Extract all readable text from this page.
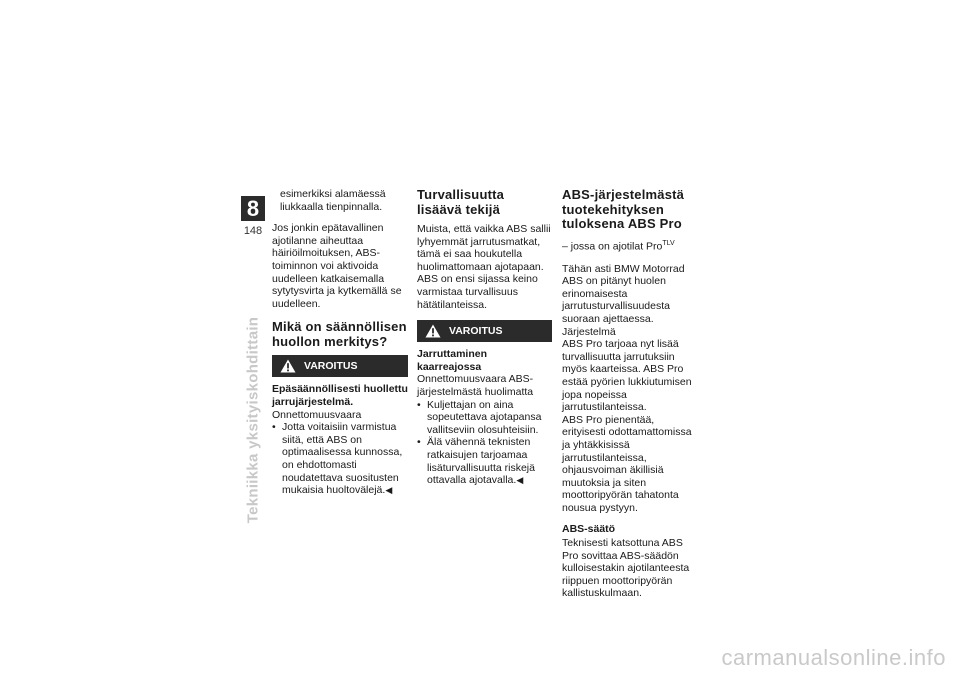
8
148
Tekniikka yksityiskohdittain

esimerkiksi alamäessä liukkaalla tienpinnalla.

Jos jonkin epätavallinen ajotilanne aiheuttaa häiriöilmoituksen, ABS-toiminnon voi aktivoida uudelleen katkaisemalla sytytysvirta ja kytkemällä se uudelleen.

Mikä on säännöllisen huollon merkitys?
VAROITUS
Epäsäännöllisesti huollettu jarrujärjestelmä.
Onnettomuusvaara
• Jotta voitaisiin varmistua siitä, että ABS on optimaalisessa kunnossa, on ehdottomasti noudatettava suositusten mukaisia huoltovälejä.◀
Turvallisuutta lisäävä tekijä

Muista, että vaikka ABS sallii lyhyemmät jarrutusmatkat, tämä ei saa houkutella huolimattomaan ajotapaan. ABS on ensi sijassa keino varmistaa turvallisuus hätätilanteissa.

VAROITUS
Jarruttaminen kaarreajossa
Onnettomuusvaara ABS-järjestelmästä huolimatta
• Kuljettajan on aina sopeutettava ajotapansa vallitseviin olosuhteisiin.
• Älä vähennä teknisten ratkaisujen tarjoamaa lisäturvallisuutta riskejä ottavalla ajotavalla.◀
ABS-järjestelmästä tuotekehityksen tuloksena ABS Pro
– jossa on ajotilat Pro$^{TLV}$
Tähän asti BMW Motorrad ABS on pitänyt huolen erinomaisesta jarrutusturvallisuudesta suoraan ajettaessa. Järjestelmä
ABS Pro tarjoaa nyt lisää turvallisuutta jarrutuksiin myös kaarteissa. ABS Pro estää pyörien lukkiutumisen jopa nopeissa jarrutustilanteissa.

ABS Pro pienentää, erityisesti odottamattomissa ja yhtäkkisissä jarrutustilanteissa, ohjausvoiman äkillisiä muutoksia ja siten moottoripyörän tahatonta nousua pystyyn.

ABS-säätö

Teknisesti katsottuna ABS Pro sovittaa ABS-säädön kulloisestakin ajotilanteesta riippuen moottoripyörän kallistuskulmaan.

carmanualsonline.info
